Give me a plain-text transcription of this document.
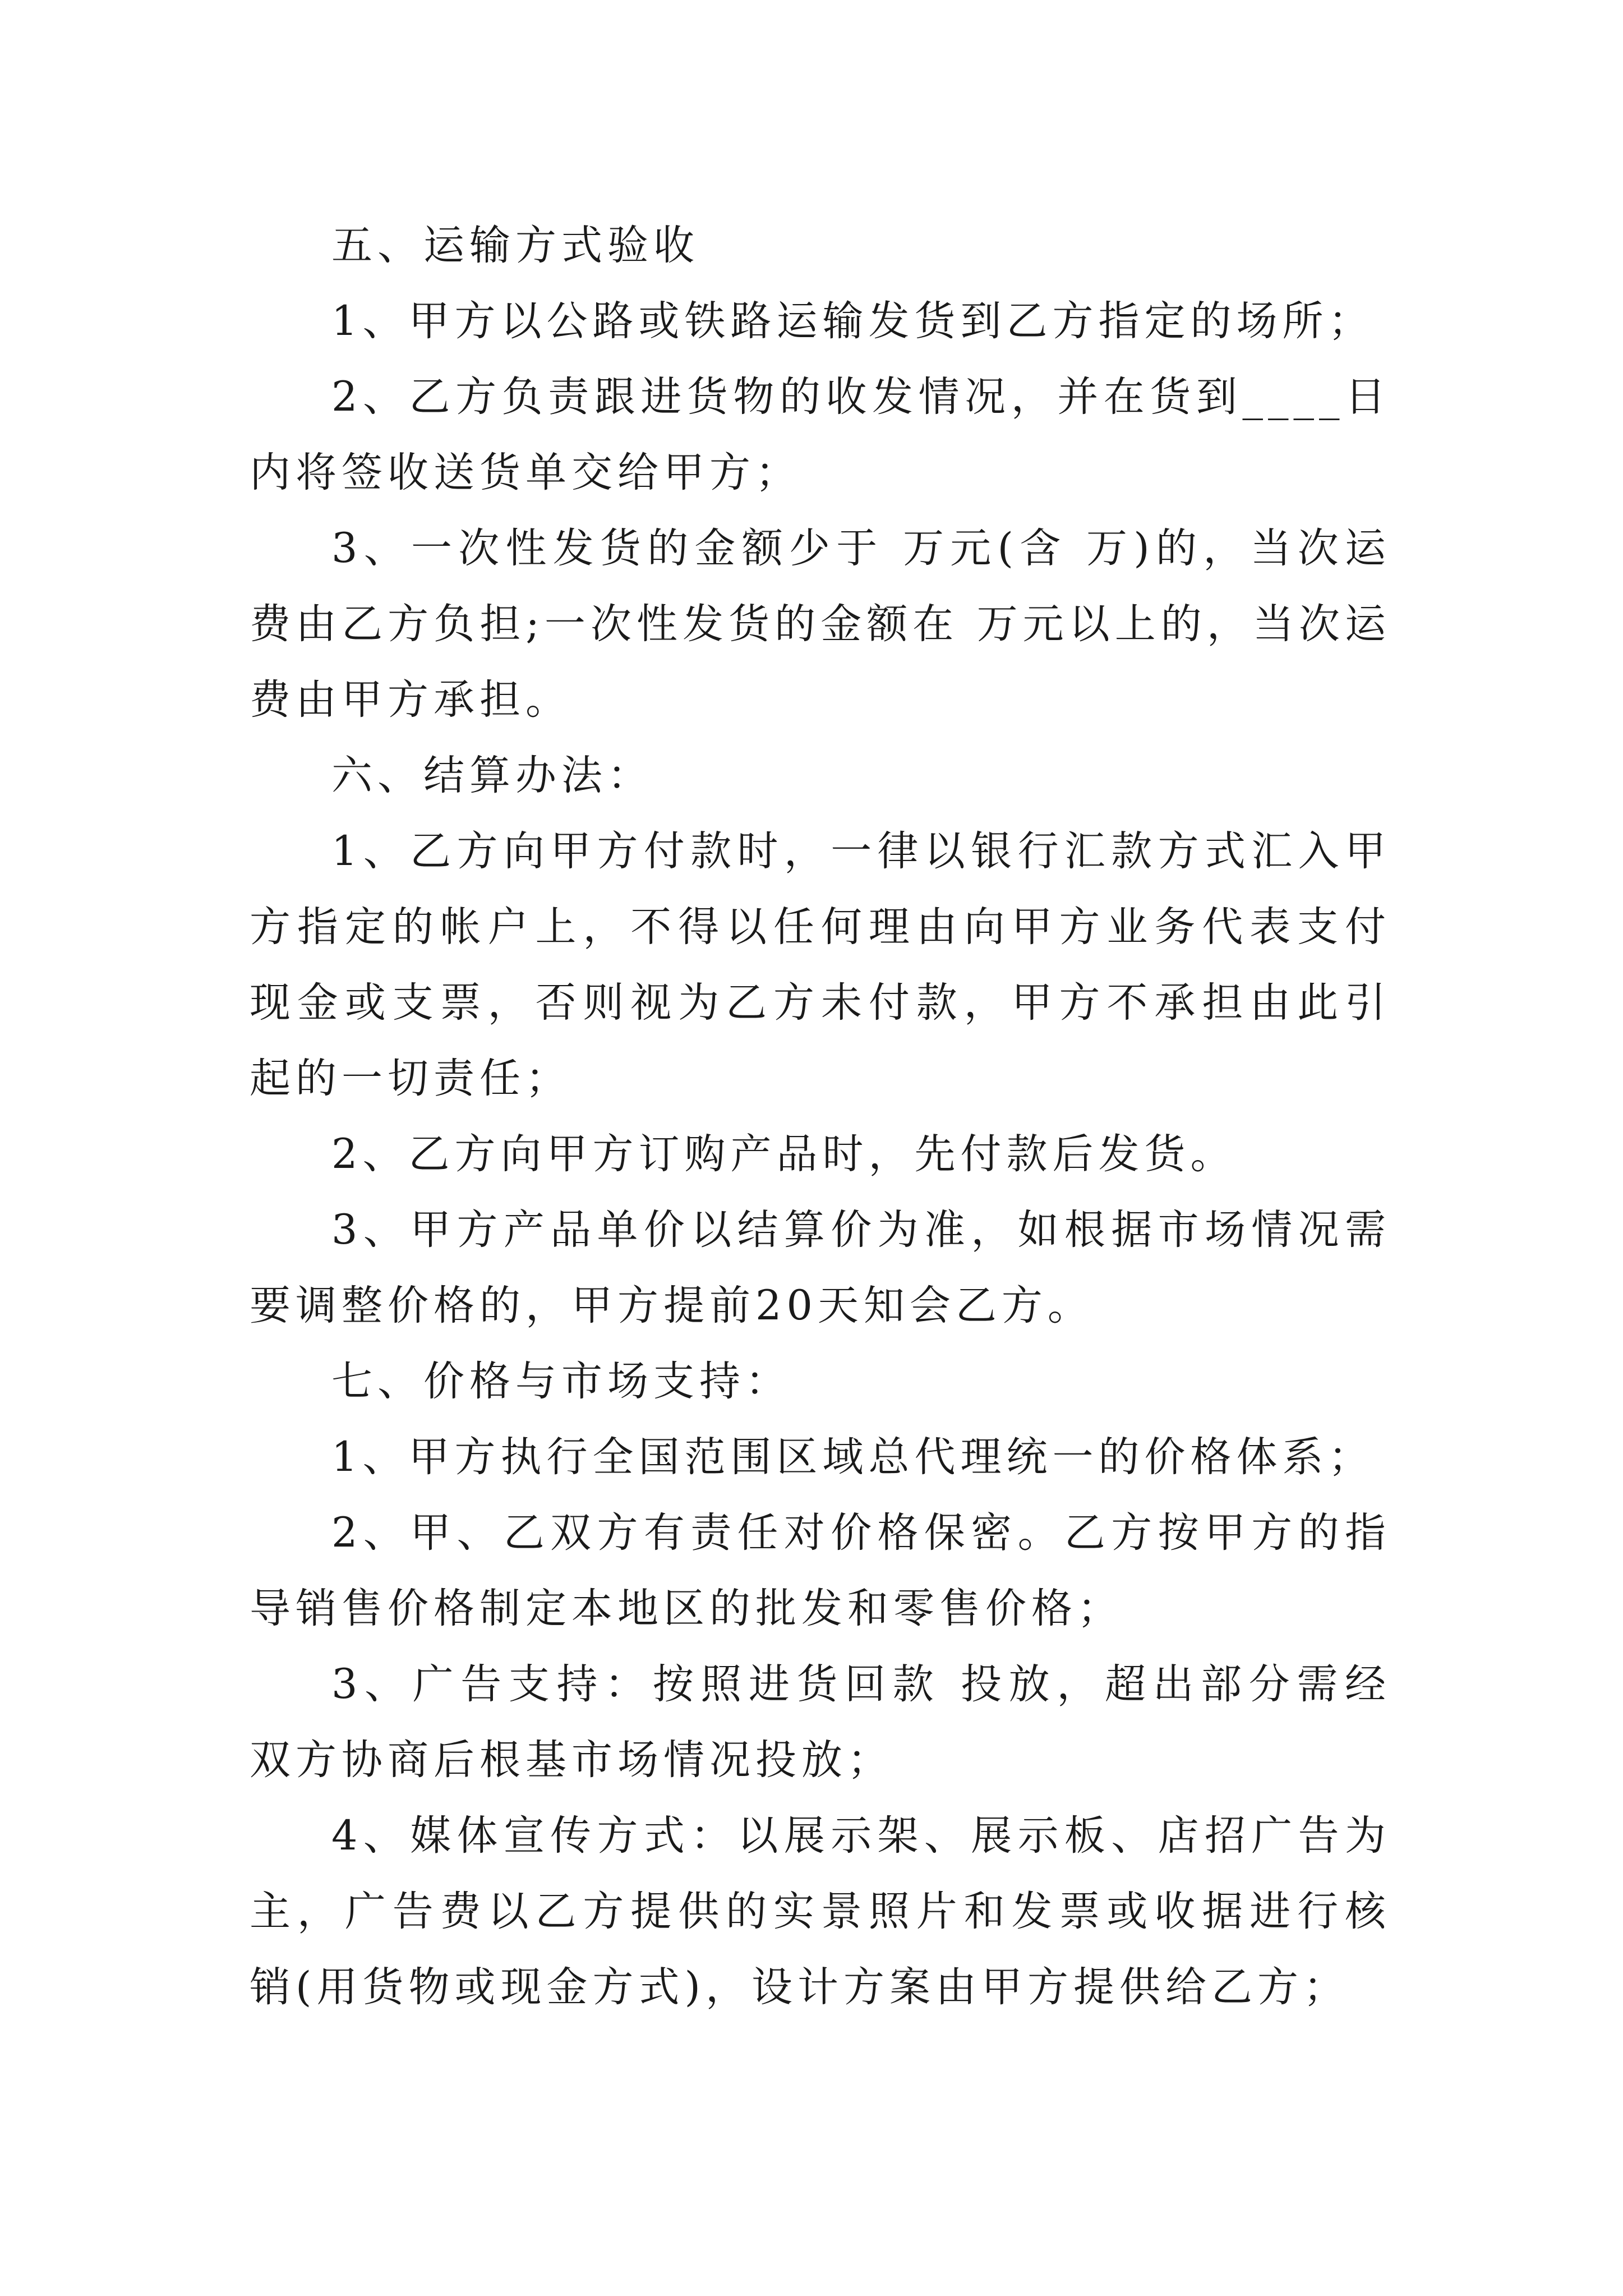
五、运输方式验收

1、甲方以公路或铁路运输发货到乙方指定的场所；

2、乙方负责跟进货物的收发情况，并在货到____日内将签收送货单交给甲方；

3、一次性发货的金额少于 万元(含 万)的，当次运费由乙方负担;一次性发货的金额在 万元以上的，当次运费由甲方承担。

六、结算办法：

1、乙方向甲方付款时，一律以银行汇款方式汇入甲方指定的帐户上，不得以任何理由向甲方业务代表支付现金或支票，否则视为乙方未付款，甲方不承担由此引起的一切责任；

2、乙方向甲方订购产品时，先付款后发货。

3、甲方产品单价以结算价为准，如根据市场情况需要调整价格的，甲方提前20天知会乙方。

七、价格与市场支持：

1、甲方执行全国范围区域总代理统一的价格体系；

2、甲、乙双方有责任对价格保密。乙方按甲方的指导销售价格制定本地区的批发和零售价格；

3、广告支持：按照进货回款 投放，超出部分需经双方协商后根基市场情况投放；

4、媒体宣传方式：以展示架、展示板、店招广告为主，广告费以乙方提供的实景照片和发票或收据进行核销(用货物或现金方式)，设计方案由甲方提供给乙方；
